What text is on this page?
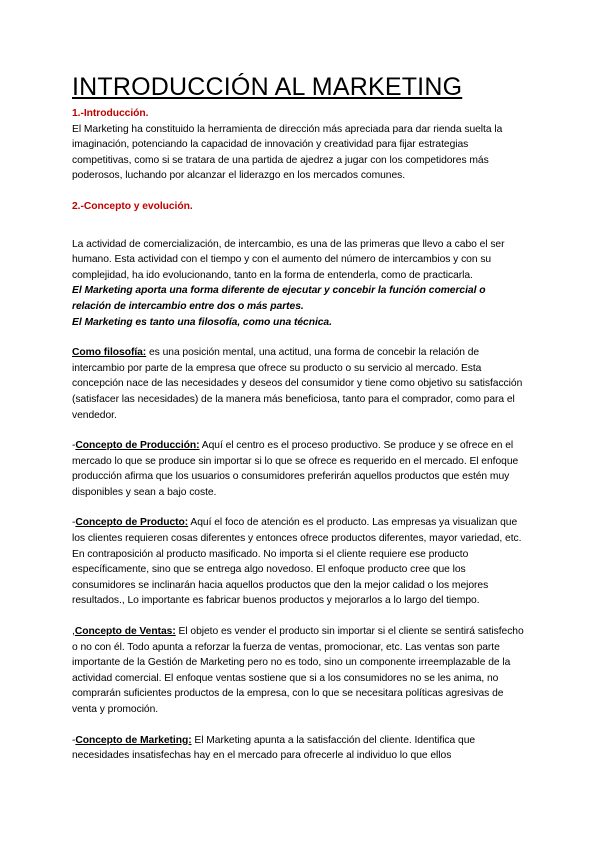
INTRODUCCIÓN AL MARKETING

1.-Introducción.

El Marketing ha constituido la herramienta de dirección más apreciada para dar rienda suelta la imaginación, potenciando la capacidad de innovación y creatividad para fijar estrategias competitivas, como si se tratara de una partida de ajedrez a jugar con los competidores más poderosos, luchando por alcanzar el liderazgo en los mercados comunes.

2.-Concepto y evolución.

La actividad de comercialización, de intercambio, es una de las primeras que llevo a cabo el ser humano. Esta actividad con el tiempo y con el aumento del número de intercambios y con su complejidad, ha ido evolucionando, tanto en la forma de entenderla, como de practicarla.

El Marketing aporta una forma diferente de ejecutar y concebir la función comercial o relación de intercambio entre dos o más partes.

El Marketing es tanto una filosofía, como una técnica.

Como filosofía: es una posición mental, una actitud, una forma de concebir la relación de intercambio por parte de la empresa que ofrece su producto o su servicio al mercado. Esta concepción nace de las necesidades y deseos del consumidor y tiene como objetivo su satisfacción (satisfacer las necesidades) de la manera más beneficiosa, tanto para el comprador, como para el vendedor.

-Concepto de Producción: Aquí el centro es el proceso productivo. Se produce y se ofrece en el mercado lo que se produce sin importar si lo que se ofrece es requerido en el mercado. El enfoque producción afirma que los usuarios o consumidores preferirán aquellos productos que estén muy disponibles y sean a bajo coste.

-Concepto de Producto: Aquí el foco de atención es el producto. Las empresas ya visualizan que los clientes requieren cosas diferentes y entonces ofrece productos diferentes, mayor variedad, etc. En contraposición al producto masificado. No importa si el cliente requiere ese producto específicamente, sino que se entrega algo novedoso. El enfoque producto cree que los consumidores se inclinarán hacia aquellos productos que den la mejor calidad o los mejores resultados., Lo importante es fabricar buenos productos y mejorarlos a lo largo del tiempo.

,Concepto de Ventas: El objeto es vender el producto sin importar si el cliente se sentirá satisfecho o no con él. Todo apunta a reforzar la fuerza de ventas, promocionar, etc. Las ventas son parte importante de la Gestión de Marketing pero no es todo, sino un componente irreemplazable de la actividad comercial. El enfoque ventas sostiene que si a los consumidores no se les anima, no comprarán suficientes productos de la empresa, con lo que se necesitara políticas agresivas de venta y promoción.

-Concepto de Marketing: El Marketing apunta a la satisfacción del cliente. Identifica que necesidades insatisfechas hay en el mercado para ofrecerle al individuo lo que ellos
